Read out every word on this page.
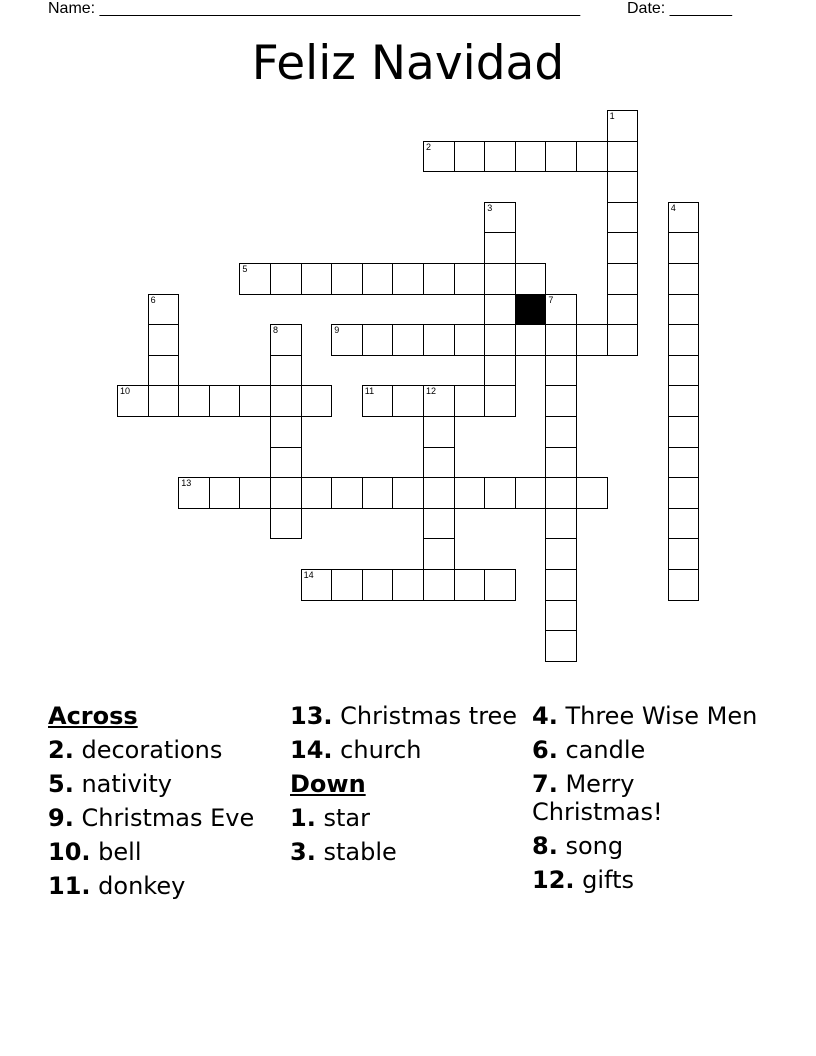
Name: ______________________________________________________	Date: _______
Feliz Navidad
1
2
3	4
5
6	7
8	9
10	11	12
13
14
Across
2. decorations
5. nativity
9. Christmas Eve
10. bell
11. donkey
13. Christmas tree
14. church
Down
1. star
3. stable
4. Three Wise Men
6. candle
7. Merry Christmas!
8. song
12. gifts
